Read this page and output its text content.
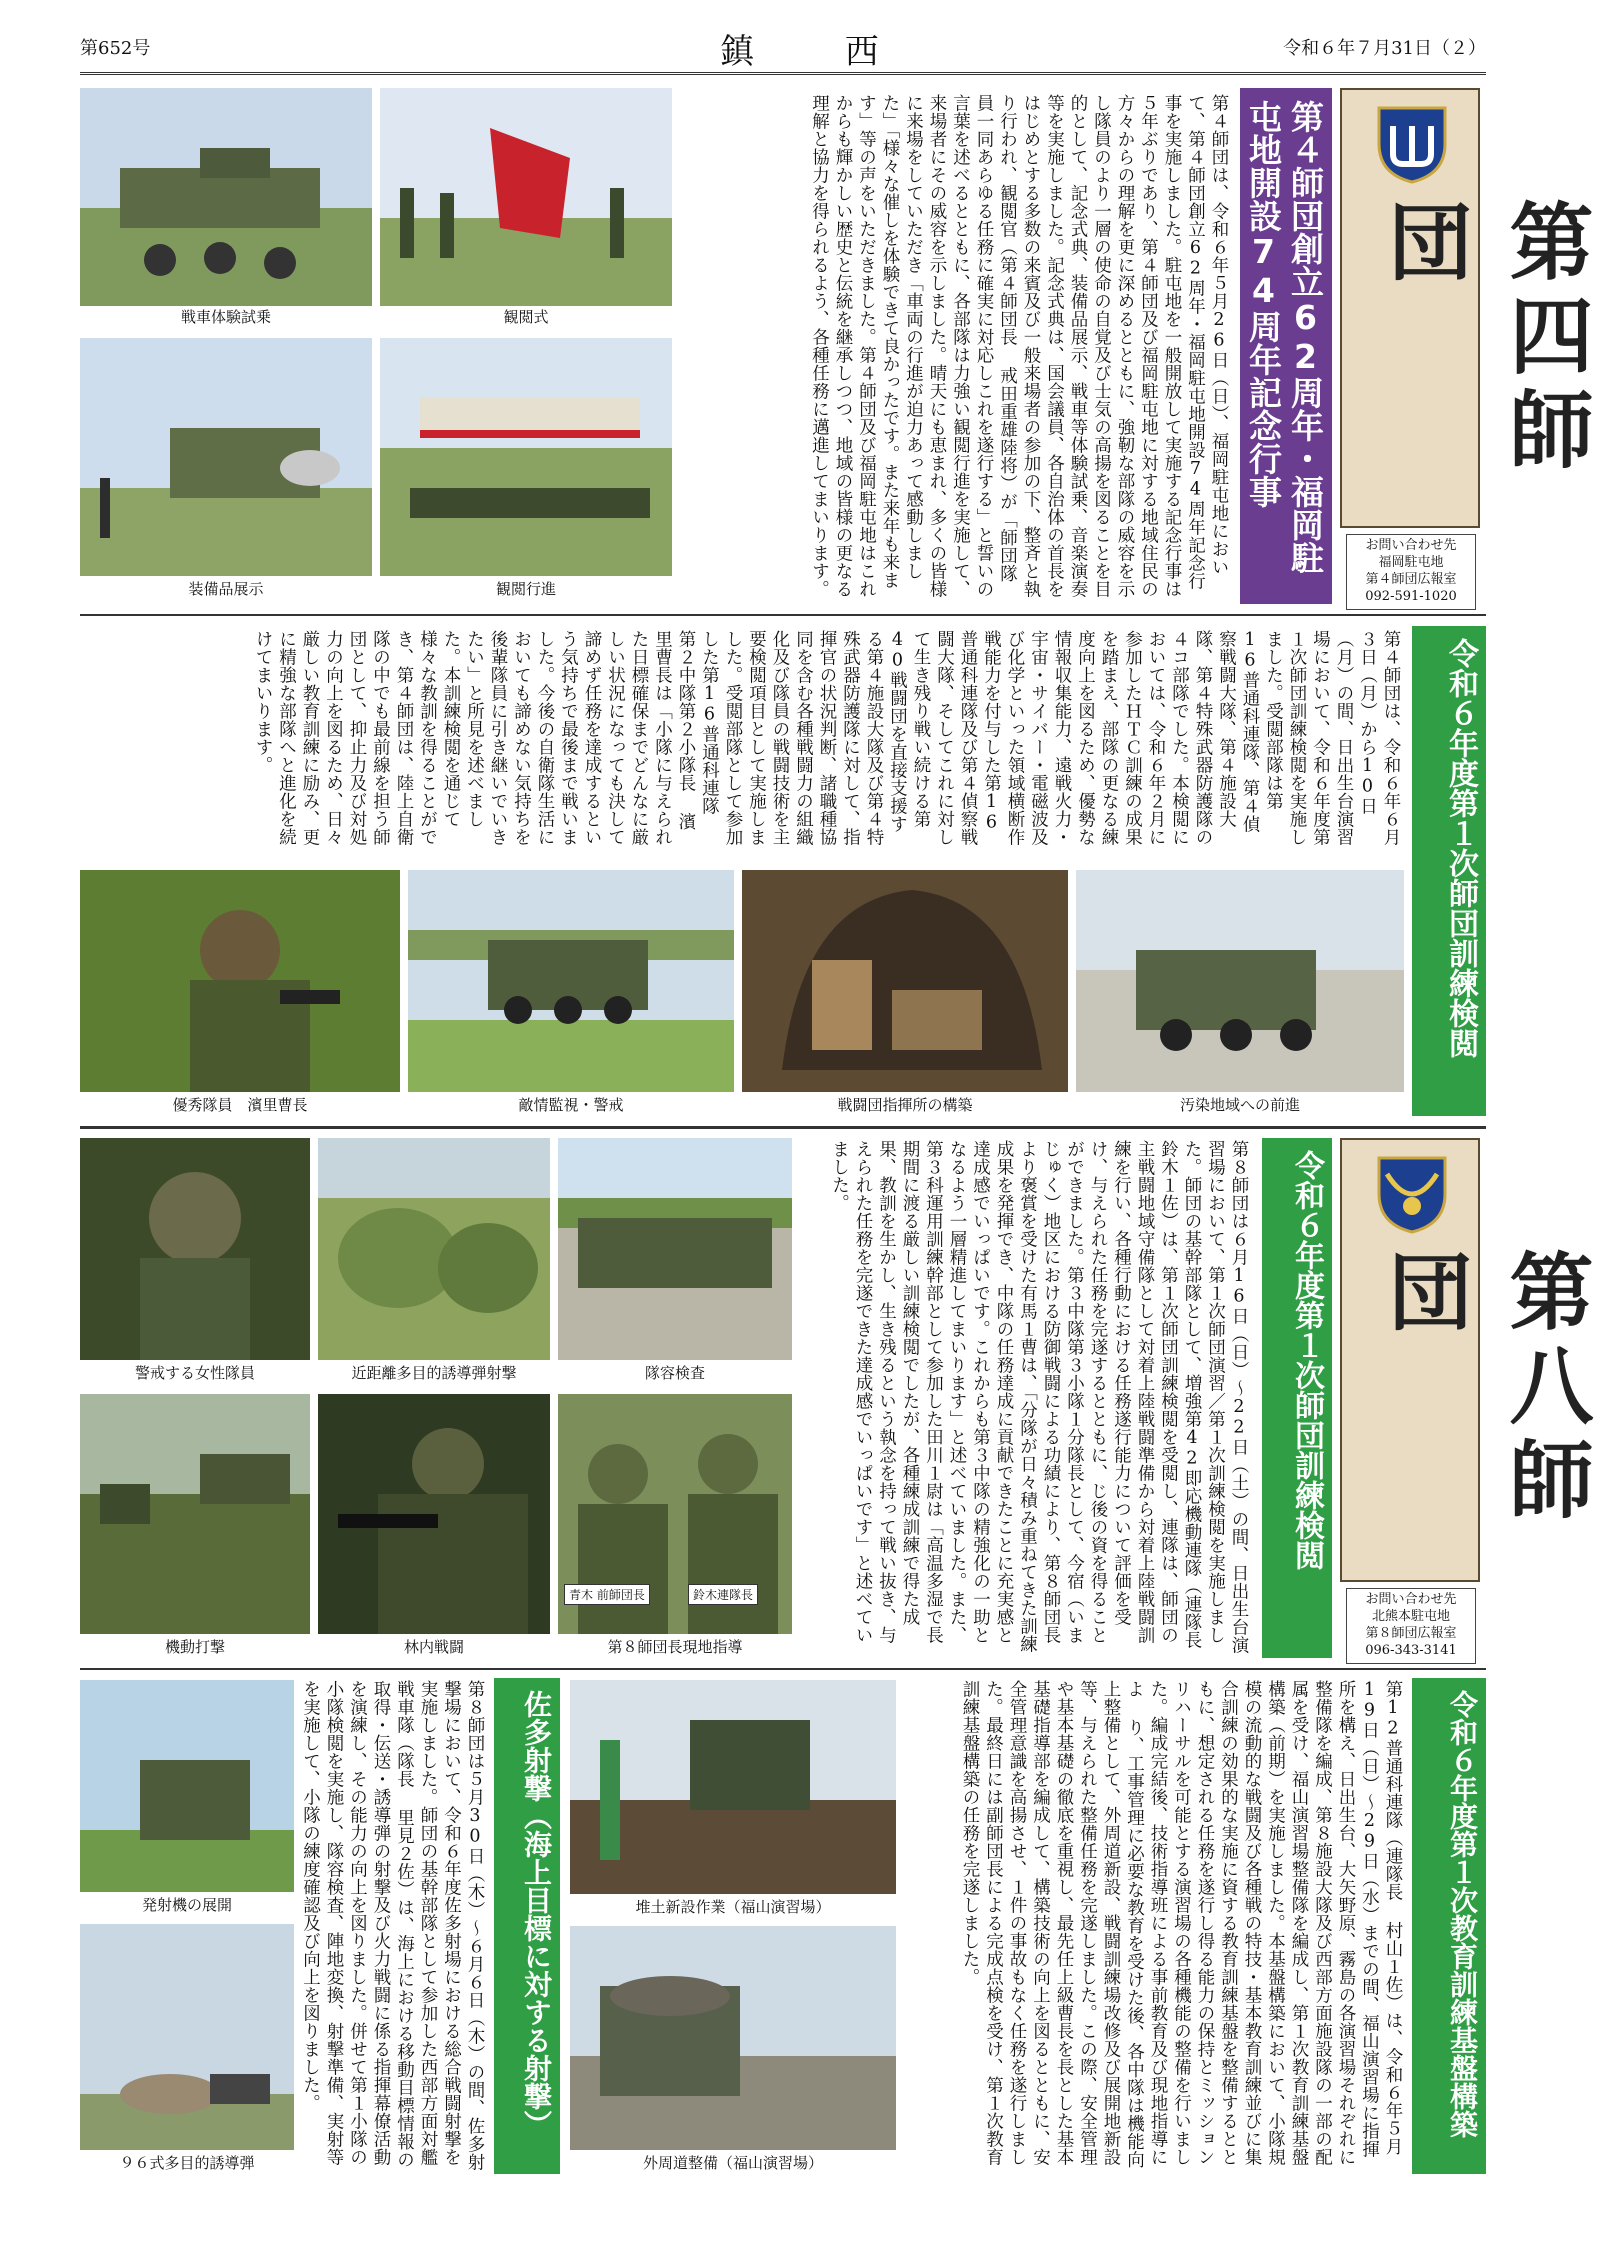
第652号	鎮 西	令和６年７月31日（２）
第四師団
お問い合わせ先
福岡駐屯地
第４師団広報室
092-591-1020
第４師団創立62周年・福岡駐屯地開設74周年記念行事
第４師団は、令和６年５月26日（日）、福岡駐屯地において、第４師団創立62周年・福岡駐屯地開設74周年記念行事を実施しました。駐屯地を一般開放して実施する記念行事は５年ぶりであり、第４師団及び福岡駐屯地に対する地域住民の方々からの理解を更に深めるとともに、強靭な部隊の威容を示し隊員のより一層の使命の自覚及び士気の高揚を図ることを目的として、記念式典、装備品展示、戦車等体験試乗、音楽演奏等を実施しました。記念式典は、国会議員、各自治体の首長をはじめとする多数の来賓及び一般来場者の参加の下、整斉と執り行われ、観閲官（第４師団長 戒田重雄陸将）が「師団隊員一同あらゆる任務に確実に対応しこれを遂行する」と誓いの言葉を述べるとともに、各部隊は力強い観閲行進を実施して、来場者にその威容を示しました。晴天にも恵まれ、多くの皆様に来場をしていただき「車両の行進が迫力あって感動しました」「様々な催しを体験できて良かったです。また来年も来ます」等の声をいただきました。第４師団及び福岡駐屯地はこれからも輝かしい歴史と伝統を継承しつつ、地域の皆様の更なる理解と協力を得られるよう、各種任務に邁進してまいります。
戦車体験試乗	観閲式
装備品展示	観閲行進
令和６年度第１次師団訓練検閲
第４師団は、令和６年６月３日（月）から10日（月）の間、日出生台演習場において、令和６年度第１次師団訓練検閲を実施しました。受閲部隊は第16普通科連隊、第４偵察戦闘大隊、第４施設大隊、第４特殊武器防護隊の４コ部隊でした。本検閲においては、令和６年２月に参加したＨＴＣ訓練の成果を踏まえ、部隊の更なる練度向上を図るため、優勢な情報収集能力、遠戦火力・宇宙・サイバー・電磁波及び化学といった領域横断作戦能力を付与した第16普通科連隊及び第４偵察戦闘大隊、そしてこれに対して生き残り戦い続ける第40戦闘団を直接支援する第４施設大隊及び第４特殊武器防護隊に対して、指揮官の状況判断、諸職種協同を含む各種戦闘力の組織化及び隊員の戦闘技術を主要検閲項目として実施しました。受閲部隊として参加した第16普通科連隊 第２中隊第２小隊長 濱里曹長は「小隊に与えられた日標確保までどんなに厳しい状況になっても決して諦めず任務を達成するという気持ちで最後まで戦いました。今後の自衛隊生活においても諦めない気持ちを後輩隊員に引き継いでいきたい」と所見を述べました。本訓練検閲を通じて様々な教訓を得ることができ、第４師団は、陸上自衛隊の中でも最前線を担う師団として、抑止力及び対処力の向上を図るため、日々厳しい教育訓練に励み、更に精強な部隊へと進化を続けてまいります。
優秀隊員　濱里曹長	敵情監視・警戒	戦闘団指揮所の構築	汚染地域への前進
第八師団
お問い合わせ先
北熊本駐屯地
第８師団広報室
096-343-3141
令和６年度第１次師団訓練検閲
第８師団は６月16日（日）〜22日（土）の間、日出生台演習場において、第１次師団演習／第１次訓練検閲を実施しました。師団の基幹部隊として、増強第42即応機動連隊（連隊長 鈴木１佐）は、第１次師団訓練検閲を受閲し、連隊は、師団の主戦闘地域守備隊として対着上陸戦闘準備から対着上陸戦闘訓練を行い、各種行動における任務遂行能力について評価を受け、与えられた任務を完遂するとともに、じ後の資を得ることができました。第３中隊第３小隊１分隊長として、今宿（いまじゅく）地区における防御戦闘による功績により、第８師団長より褒賞を受けた有馬１曹は、「分隊が日々積み重ねてきた訓練成果を発揮でき、中隊の任務達成に貢献できたことに充実感と達成感でいっぱいです。これからも第３中隊の精強化の一助となるよう一層精進してまいります」と述べていました。また、第３科運用訓練幹部として参加した田川１尉は「高温多湿で長期間に渡る厳しい訓練検閲でしたが、各種練成訓練で得た成果、教訓を生かし、生き残るという執念を持って戦い抜き、与えられた任務を完遂できた達成感でいっぱいです」と述べていました。
警戒する女性隊員	近距離多目的誘導弾射撃	隊容検査
機動打撃	林内戦闘
青木 前師団長	鈴木連隊長
第８師団長現地指導
佐多射撃（海上目標に対する射撃）
第８師団は５月30日（木）〜６月６日（木）の間、佐多射撃場において、令和６年度佐多射場における総合戦闘射撃を実施しました。師団の基幹部隊として参加した西部方面対艦戦車隊（隊長 里見２佐）は、海上における移動目標情報の取得・伝送・誘導弾の射撃及び火力戦闘に係る指揮幕僚活動を演練し、その能力の向上を図りました。併せて第１小隊の小隊検閲を実施し、隊容検査、陣地変換、射撃準備、実射等を実施して、小隊の練度確認及び向上を図りました。
発射機の展開
９６式多目的誘導弾
令和６年度第１次教育訓練基盤構築
第12普通科連隊（連隊長 村山１佐）は、令和６年５月19日（日）〜29日（水）までの間、福山演習場に指揮所を構え、日出生台、大矢野原、霧島の各演習場それぞれに整備隊を編成、第８施設大隊及び西部方面施設隊の一部の配属を受け、福山演習場整備隊を編成し、第１次教育訓練基盤構築（前期）を実施しました。本基盤構築において、小隊規模の流動的な戦闘及び各種戦の特技・基本教育訓練並びに集合訓練の効果的な実施に資する教育訓練基盤を整備するとともに、想定される任務を遂行し得る能力の保持とミッションリハーサルを可能とする演習場の各種機能の整備を行いました。編成完結後、技術指導班による事前教育及び現地指導によ り、工事管理に必要な教育を受けた後、各中隊は機能向上整備として、外周道新設、戦闘訓練場改修及び展開地新設等、与えられた整備任務を完遂しました。この際、安全管理や基本基礎の徹底を重視し、最先任上級曹長を長とした基本基礎指導部を編成して、構築技術の向上を図るとともに、安全管理意識を高揚させ、１件の事故もなく任務を遂行しました。最終日には副師団長による完成点検を受け、第１次教育訓練基盤構築の任務を完遂しました。
堆土新設作業（福山演習場）
外周道整備（福山演習場）
